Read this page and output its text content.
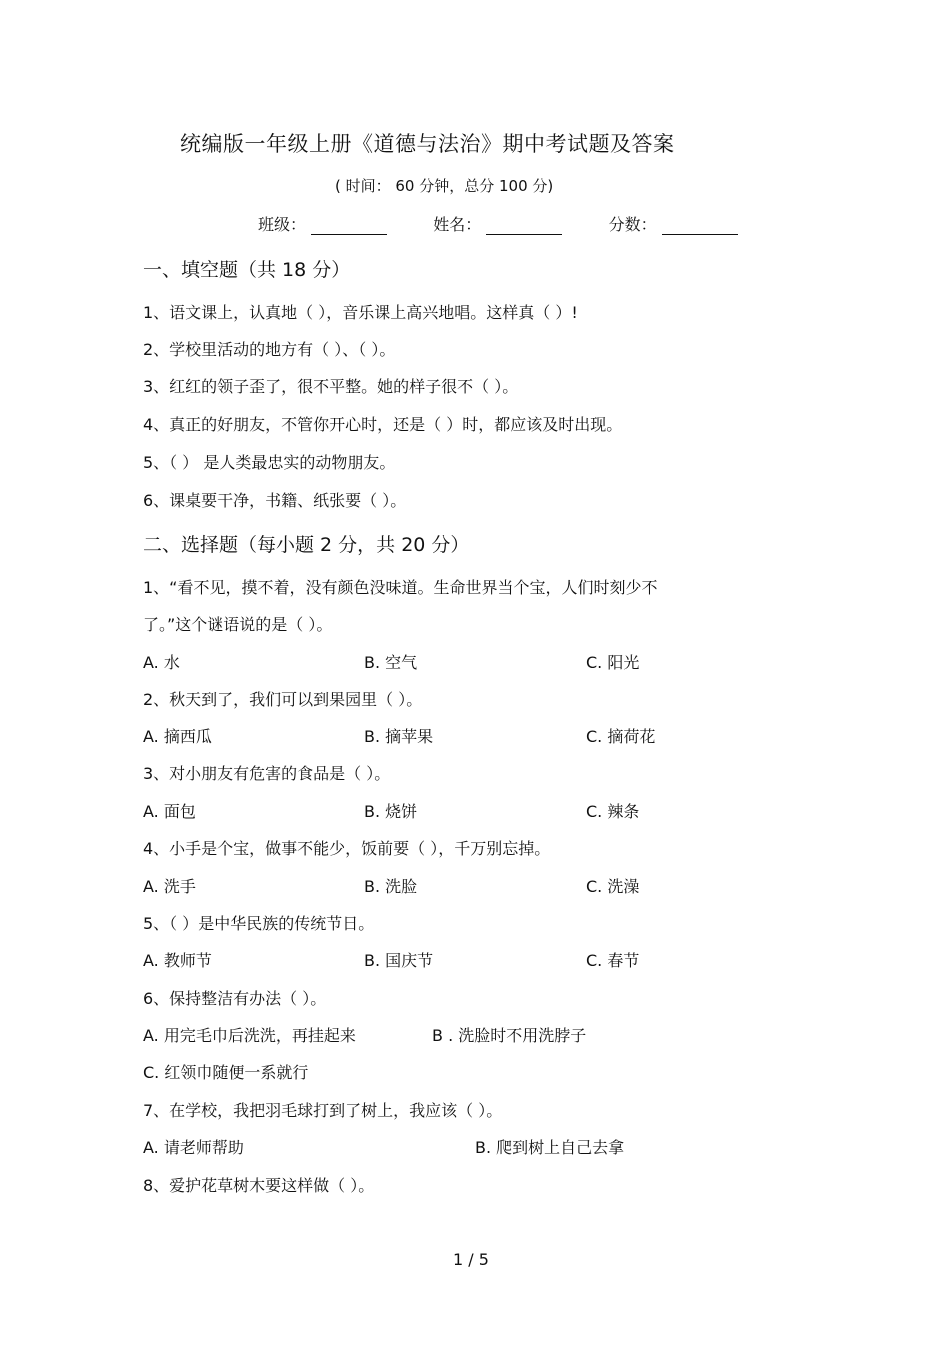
统编版一年级上册《道德与法治》期中考试题及答案
( 时间： 60 分钟，总分 100 分)
班级：	姓名：	分数：
一、填空题（共 18 分）
1、语文课上，认真地（ ），音乐课上高兴地唱。这样真（ ）!
2、学校里活动的地方有（ ）、（ ）。
3、红红的领子歪了，很不平整。她的样子很不（ ）。
4、真正的好朋友，不管你开心时，还是（ ）时，都应该及时出现。
5、（ ） 是人类最忠实的动物朋友。
6、课桌要干净，书籍、纸张要（ ）。
二、选择题（每小题 2 分，共 20 分）
1、“看不见，摸不着，没有颜色没味道。生命世界当个宝，人们时刻少不
了。”这个谜语说的是（ ）。
A. 水	B. 空气	C. 阳光
2、秋天到了，我们可以到果园里（ ）。
A. 摘西瓜	B. 摘苹果	C. 摘荷花
3、对小朋友有危害的食品是（ ）。
A. 面包	B. 烧饼	C. 辣条
4、小手是个宝，做事不能少，饭前要（ ），千万别忘掉。
A. 洗手	B. 洗脸	C. 洗澡
5、（ ）是中华民族的传统节日。
A. 教师节	B. 国庆节	C. 春节
6、保持整洁有办法（ ）。
A. 用完毛巾后洗洗，再挂起来	B . 洗脸时不用洗脖子
C. 红领巾随便一系就行
7、在学校，我把羽毛球打到了树上，我应该（ ）。
A. 请老师帮助	B. 爬到树上自己去拿
8、爱护花草树木要这样做（ ）。
1 / 5
